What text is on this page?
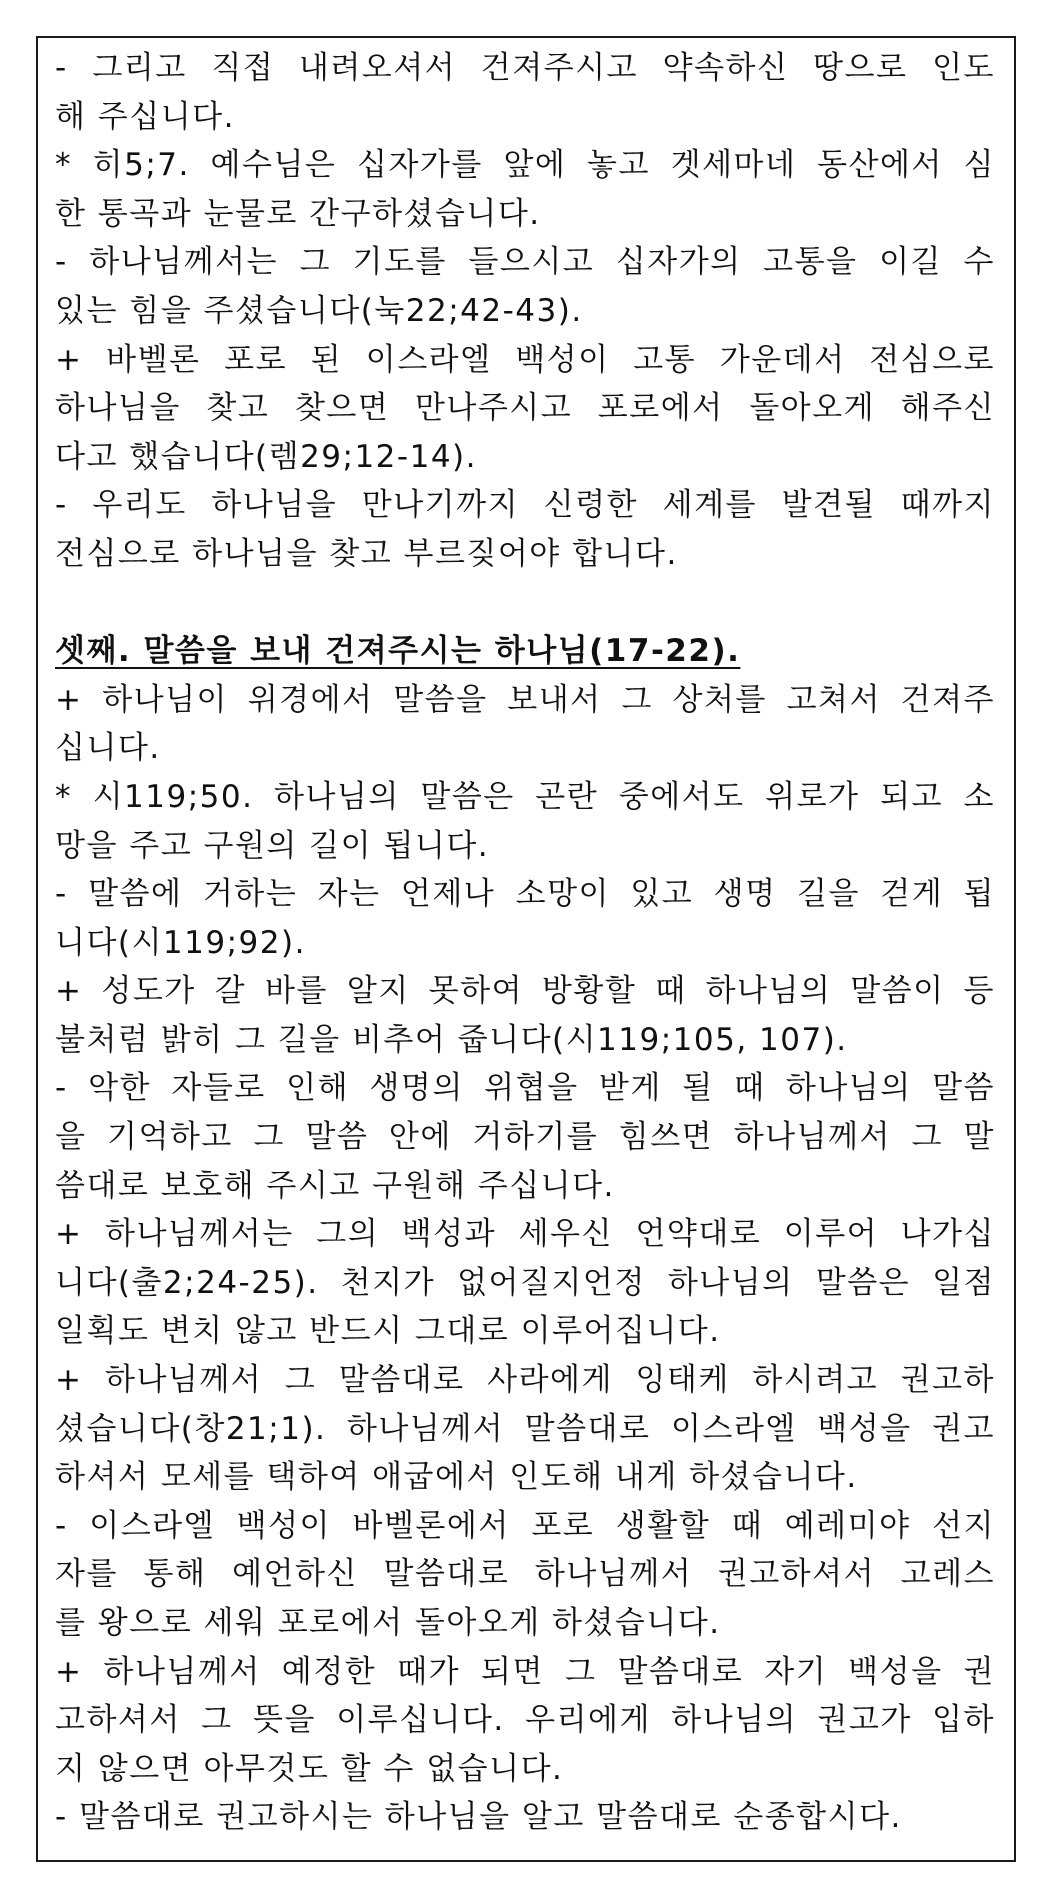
- 그리고 직접 내려오셔서 건져주시고 약속하신 땅으로 인도
해 주십니다.
* 히5;7. 예수님은 십자가를 앞에 놓고 겟세마네 동산에서 심
한 통곡과 눈물로 간구하셨습니다.
- 하나님께서는 그 기도를 들으시고 십자가의 고통을 이길 수
있는 힘을 주셨습니다(눅22;42-43).
+ 바벨론 포로 된 이스라엘 백성이 고통 가운데서 전심으로
하나님을 찾고 찾으면 만나주시고 포로에서 돌아오게 해주신
다고 했습니다(렘29;12-14).
- 우리도 하나님을 만나기까지 신령한 세계를 발견될 때까지
전심으로 하나님을 찾고 부르짖어야 합니다.
셋째. 말씀을 보내 건져주시는 하나님(17-22).
+ 하나님이 위경에서 말씀을 보내서 그 상처를 고쳐서 건져주
십니다.
* 시119;50. 하나님의 말씀은 곤란 중에서도 위로가 되고 소
망을 주고 구원의 길이 됩니다.
- 말씀에 거하는 자는 언제나 소망이 있고 생명 길을 걷게 됩
니다(시119;92).
+ 성도가 갈 바를 알지 못하여 방황할 때 하나님의 말씀이 등
불처럼 밝히 그 길을 비추어 줍니다(시119;105, 107).
- 악한 자들로 인해 생명의 위협을 받게 될 때 하나님의 말씀
을 기억하고 그 말씀 안에 거하기를 힘쓰면 하나님께서 그 말
씀대로 보호해 주시고 구원해 주십니다.
+ 하나님께서는 그의 백성과 세우신 언약대로 이루어 나가십
니다(출2;24-25). 천지가 없어질지언정 하나님의 말씀은 일점
일획도 변치 않고 반드시 그대로 이루어집니다.
+ 하나님께서 그 말씀대로 사라에게 잉태케 하시려고 권고하
셨습니다(창21;1). 하나님께서 말씀대로 이스라엘 백성을 권고
하셔서 모세를 택하여 애굽에서 인도해 내게 하셨습니다.
- 이스라엘 백성이 바벨론에서 포로 생활할 때 예레미야 선지
자를 통해 예언하신 말씀대로 하나님께서 권고하셔서 고레스
를 왕으로 세워 포로에서 돌아오게 하셨습니다.
+ 하나님께서 예정한 때가 되면 그 말씀대로 자기 백성을 권
고하셔서 그 뜻을 이루십니다. 우리에게 하나님의 권고가 입하
지 않으면 아무것도 할 수 없습니다.
- 말씀대로 권고하시는 하나님을 알고 말씀대로 순종합시다.
